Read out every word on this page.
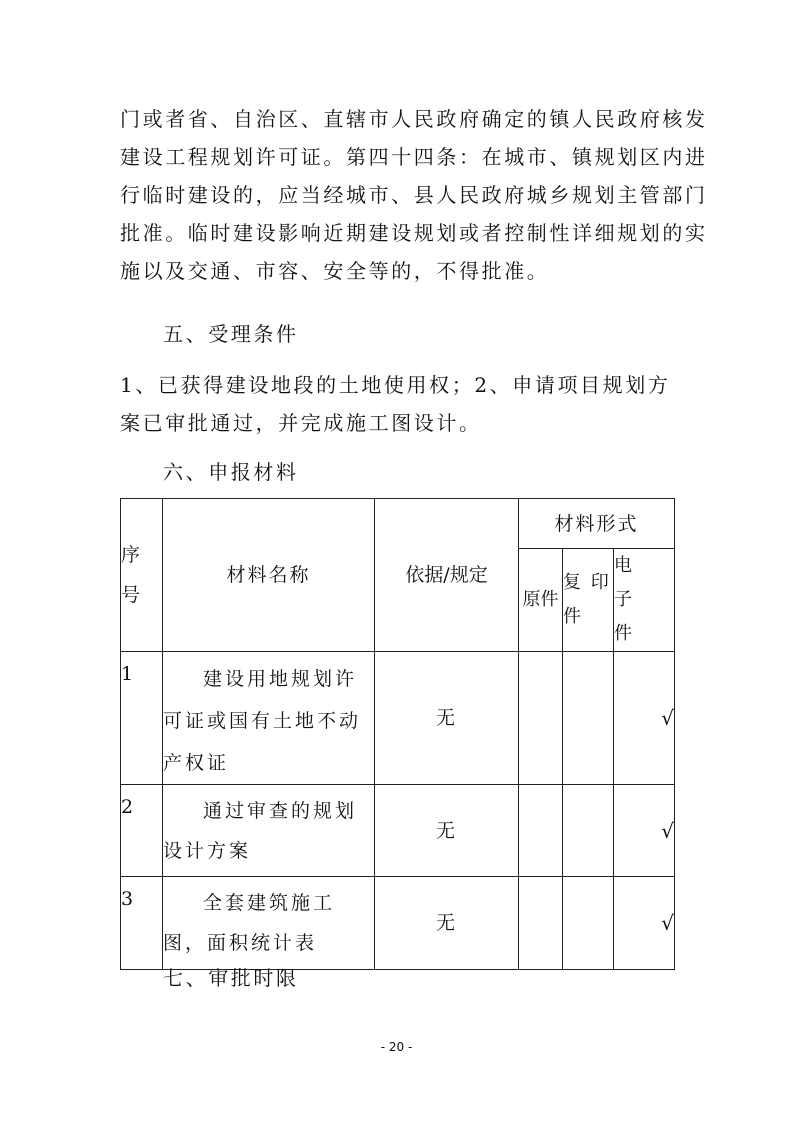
门或者省、自治区、直辖市人民政府确定的镇人民政府核发
建设工程规划许可证。第四十四条：在城市、镇规划区内进
行临时建设的，应当经城市、县人民政府城乡规划主管部门
批准。临时建设影响近期建设规划或者控制性详细规划的实
施以及交通、市容、安全等的，不得批准。
五、受理条件
1、已获得建设地段的土地使用权；2、申请项目规划方
案已审批通过，并完成施工图设计。
六、申报材料
序号	材料名称	依据/规定	材料形式		

			原件	复 印件	电 子件

1	建设用地规划许可证或国有土地不动产权证	无			√

2	通过审查的规划设计方案	无			√

3	全套建筑施工图，面积统计表	无			√
七、审批时限
- 20 -
